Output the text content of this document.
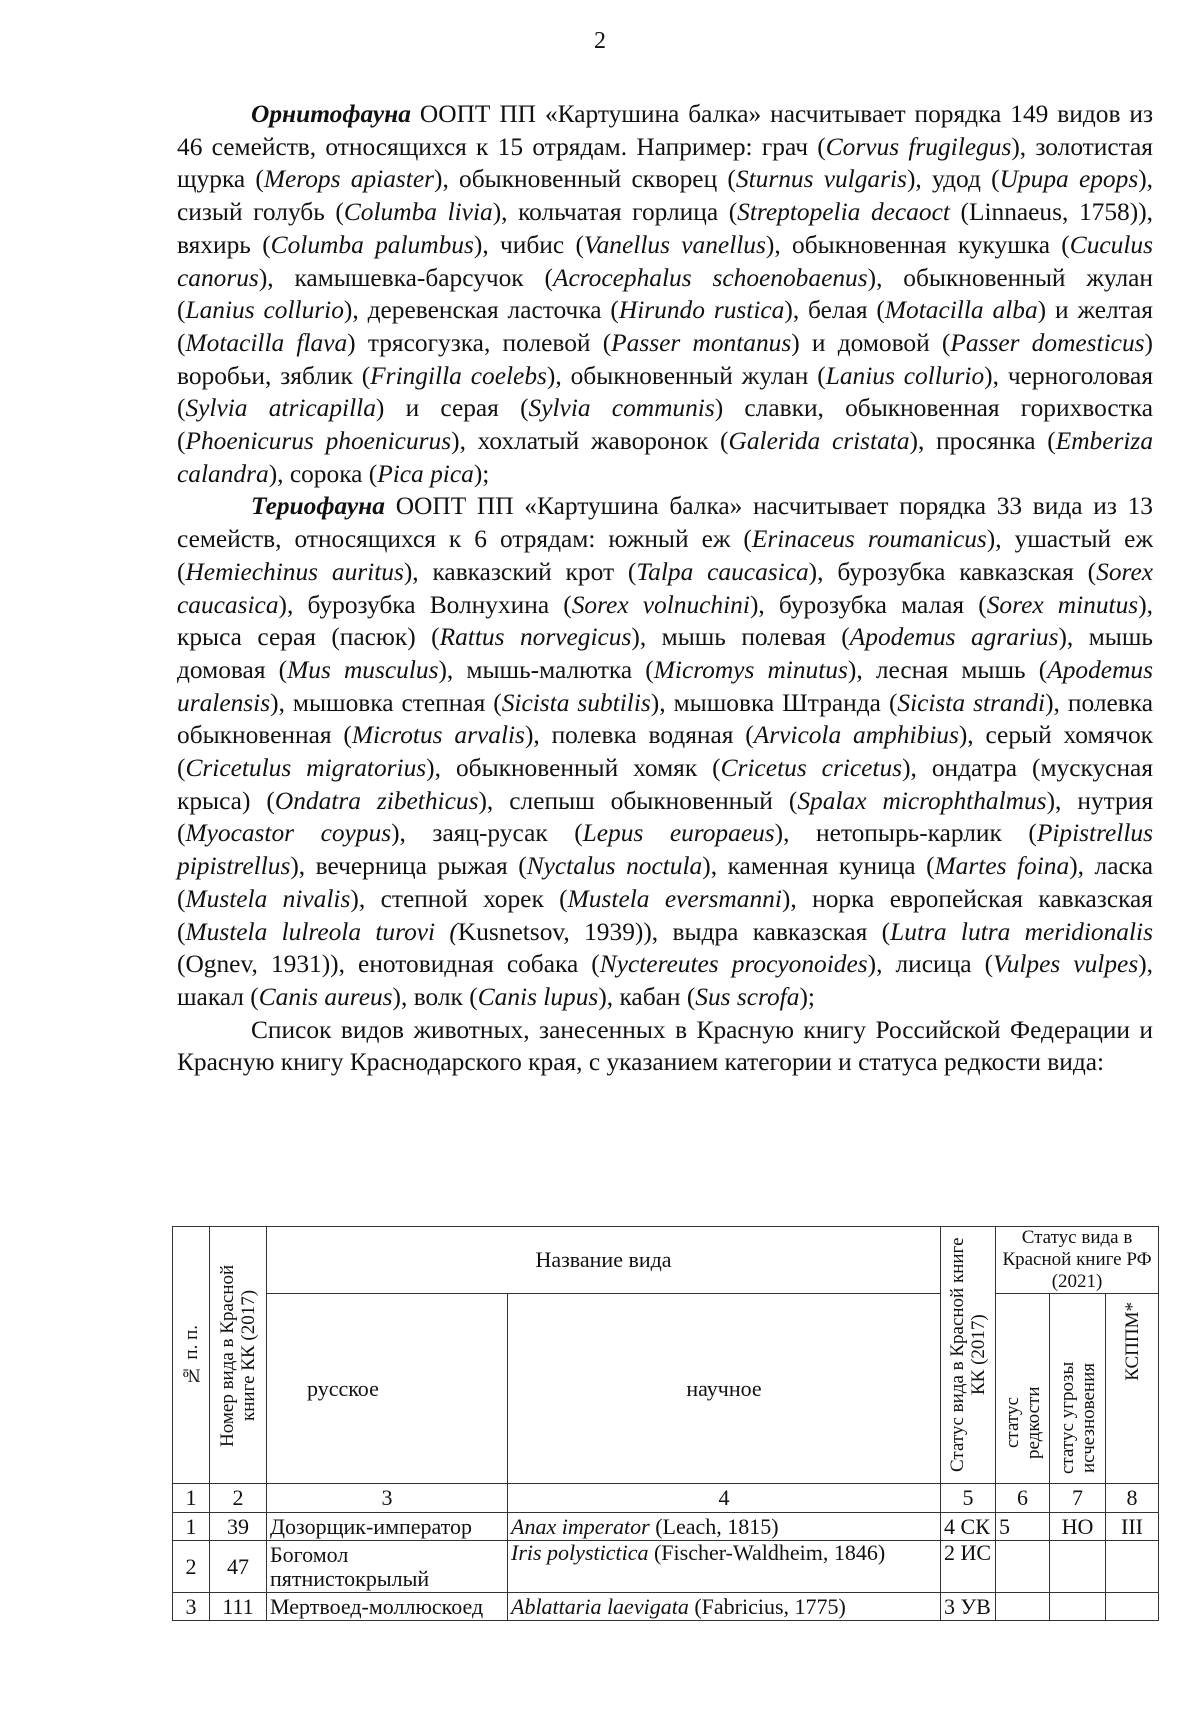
2

Орнитофауна ООПТ ПП «Картушина балка» насчитывает порядка 149 видов из 46 семейств, относящихся к 15 отрядам. Например: грач (Corvus frugilegus), золотистая щурка (Merops apiaster), обыкновенный скворец (Sturnus vulgaris), удод (Upupa epops), сизый голубь (Columba livia), кольчатая горлица (Streptopelia decaoct (Linnaeus, 1758)), вяхирь (Columba palumbus), чибис (Vanellus vanellus), обыкновенная кукушка (Cuculus canorus), камышевка-барсучок (Acrocephalus schoenobaenus), обыкновенный жулан (Lanius collurio), деревенская ласточка (Hirundo rustica), белая (Motacilla alba) и желтая (Motacilla flava) трясогузка, полевой (Passer montanus) и домовой (Passer domesticus) воробьи, зяблик (Fringilla coelebs), обыкновенный жулан (Lanius collurio), черноголовая (Sylvia atricapilla) и серая (Sylvia communis) славки, обыкновенная горихвостка (Phoenicurus phoenicurus), хохлатый жаворонок (Galerida cristata), просянка (Emberiza calandra), сорока (Pica pica);

Териофауна ООПТ ПП «Картушина балка» насчитывает порядка 33 вида из 13 семейств, относящихся к 6 отрядам: южный еж (Erinaceus roumanicus), ушастый еж (Hemiechinus auritus), кавказский крот (Talpa caucasica), бурозубка кавказская (Sorex caucasica), бурозубка Волнухина (Sorex volnuchini), бурозубка малая (Sorex minutus), крыса серая (пасюк) (Rattus norvegicus), мышь полевая (Apodemus agrarius), мышь домовая (Mus musculus), мышь-малютка (Micromys minutus), лесная мышь (Apodemus uralensis), мышовка степная (Sicista subtilis), мышовка Штранда (Sicista strandi), полевка обыкновенная (Microtus arvalis), полевка водяная (Arvicola amphibius), серый хомячок (Cricetulus migratorius), обыкновенный хомяк (Cricetus cricetus), ондатра (мускусная крыса) (Ondatra zibethicus), слепыш обыкновенный (Spalax microphthalmus), нутрия (Myocastor coypus), заяц-русак (Lepus europaeus), нетопырь-карлик (Pipistrellus pipistrellus), вечерница рыжая (Nyctalus noctula), каменная куница (Martes foina), ласка (Mustela nivalis), степной хорек (Mustela eversmanni), норка европейская кавказская (Mustela lulreola turovi (Kusnetsov, 1939)), выдра кавказская (Lutra lutra meridionalis (Ognev, 1931)), енотовидная собака (Nyctereutes procyonoides), лисица (Vulpes vulpes), шакал (Canis aureus), волк (Canis lupus), кабан (Sus scrofa);

Список видов животных, занесенных в Красную книгу Российской Федерации и Красную книгу Краснодарского края, с указанием категории и статуса редкости вида:

№ п. п.	Номер вида в Красной книге КК (2017)	Название вида		Статус вида в Красной книге КК (2017)	Статус вида в Красной книге РФ (2021)		
		русское	научное		статус редкости	статус угрозы исчезновения	КСППМ*

1	2	3	4	5	6	7	8
1	39	Дозорщик-император	Anax imperator (Leach, 1815)	4 СК	5	НО	III
2	47	Богомол пятнистокрылый	Iris polystictica (Fischer-Waldheim, 1846)	2 ИС			
3	111	Мертвоед-моллюскоед	Ablattaria laevigata (Fabricius, 1775)	3 УВ			
